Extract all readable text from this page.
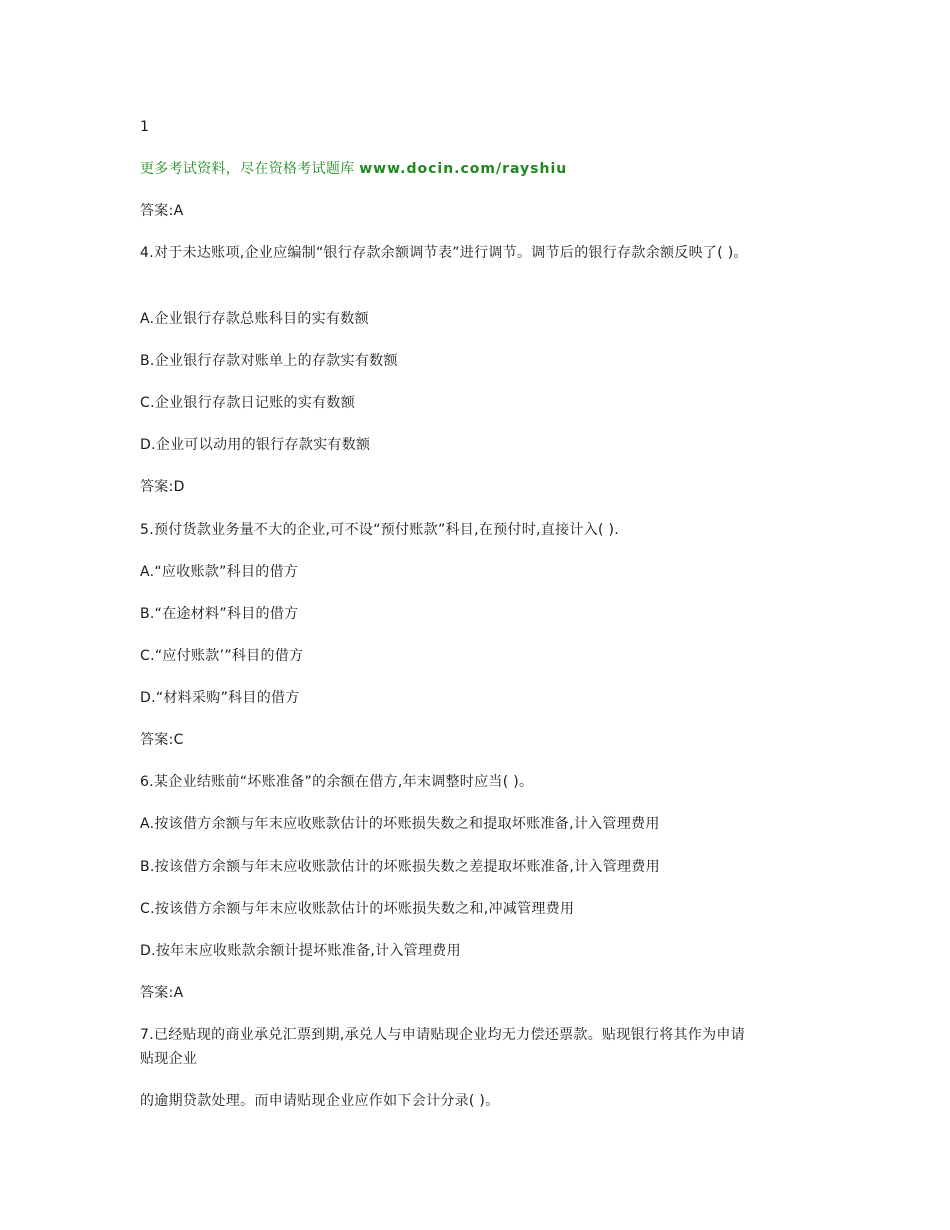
1
更多考试资料，尽在资格考试题库 www.docin.com/rayshiu
答案:A
4.对于未达账项,企业应编制“银行存款余额调节表”进行调节。调节后的银行存款余额反映了( )。
A.企业银行存款总账科目的实有数额
B.企业银行存款对账单上的存款实有数额
C.企业银行存款日记账的实有数额
D.企业可以动用的银行存款实有数额
答案:D
5.预付货款业务量不大的企业,可不设“预付账款”科目,在预付时,直接计入( ).
A.“应收账款”科目的借方
B.“在途材料”科目的借方
C.“应付账款’”科目的借方
D.“材料采购”科目的借方
答案:C
6.某企业结账前“坏账准备”的余额在借方,年末调整时应当( )。
A.按该借方余额与年末应收账款估计的坏账损失数之和提取坏账准备,计入管理费用
B.按该借方余额与年末应收账款估计的坏账损失数之差提取坏账准备,计入管理费用
C.按该借方余额与年末应收账款估计的坏账损失数之和,冲减管理费用
D.按年末应收账款余额计提坏账准备,计入管理费用
答案:A
7.已经贴现的商业承兑汇票到期,承兑人与申请贴现企业均无力偿还票款。贴现银行将其作为申请
贴现企业
的逾期贷款处理。而申请贴现企业应作如下会计分录( )。
